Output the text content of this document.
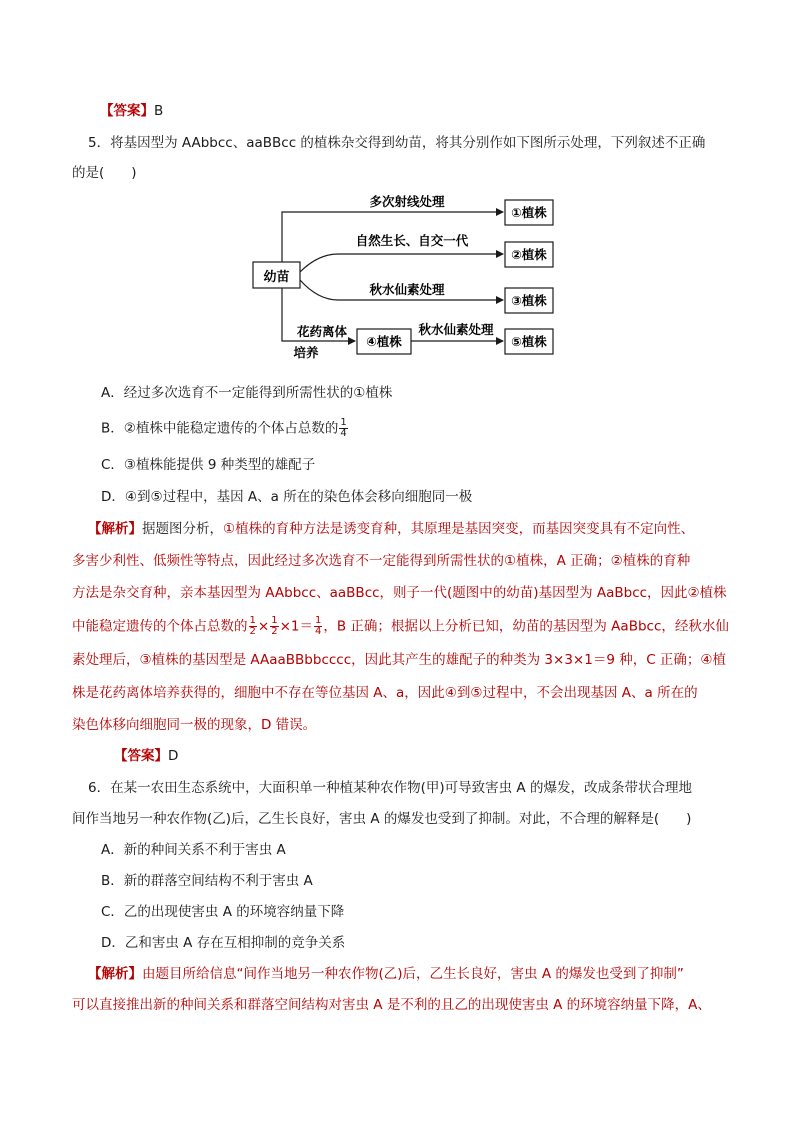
【答案】B
5．将基因型为 AAbbcc、aaBBcc 的植株杂交得到幼苗，将其分别作如下图所示处理，下列叙述不正确
的是(　　)
幼苗
多次射线处理
自然生长、自交一代
秋水仙素处理
花药离体
培养
④植株
秋水仙素处理
①植株
②植株
③植株
⑤植株
A．经过多次选育不一定能得到所需性状的①植株
B．②植株中能稳定遗传的个体占总数的 $\frac{1}{4}$
C．③植株能提供 9 种类型的雄配子
D．④到⑤过程中，基因 A、a 所在的染色体会移向细胞同一极
【解析】据题图分析，①植株的育种方法是诱变育种，其原理是基因突变，而基因突变具有不定向性、
多害少利性、低频性等特点，因此经过多次选育不一定能得到所需性状的①植株，A 正确；②植株的育种
方法是杂交育种，亲本基因型为 AAbbcc、aaBBcc，则子一代(题图中的幼苗)基因型为 AaBbcc，因此②植株
中能稳定遗传的个体占总数的 $\frac{1}{2} \times \frac{1}{2} \times 1= \frac{1}{4}$ ，B 正确；根据以上分析已知，幼苗的基因型为 AaBbcc，经秋水仙
素处理后，③植株的基因型是 AAaaBBbbcccc，因此其产生的雄配子的种类为 3×3×1＝9 种，C 正确；④植
株是花药离体培养获得的，细胞中不存在等位基因 A、a，因此④到⑤过程中，不会出现基因 A、a 所在的
染色体移向细胞同一极的现象，D 错误。
【答案】D
6．在某一农田生态系统中，大面积单一种植某种农作物(甲)可导致害虫 A 的爆发，改成条带状合理地
间作当地另一种农作物(乙)后，乙生长良好，害虫 A 的爆发也受到了抑制。对此，不合理的解释是(　　)
A．新的种间关系不利于害虫 A
B．新的群落空间结构不利于害虫 A
C．乙的出现使害虫 A 的环境容纳量下降
D．乙和害虫 A 存在互相抑制的竞争关系
【解析】由题目所给信息“间作当地另一种农作物(乙)后，乙生长良好，害虫 A 的爆发也受到了抑制”
可以直接推出新的种间关系和群落空间结构对害虫 A 是不利的且乙的出现使害虫 A 的环境容纳量下降，A、
